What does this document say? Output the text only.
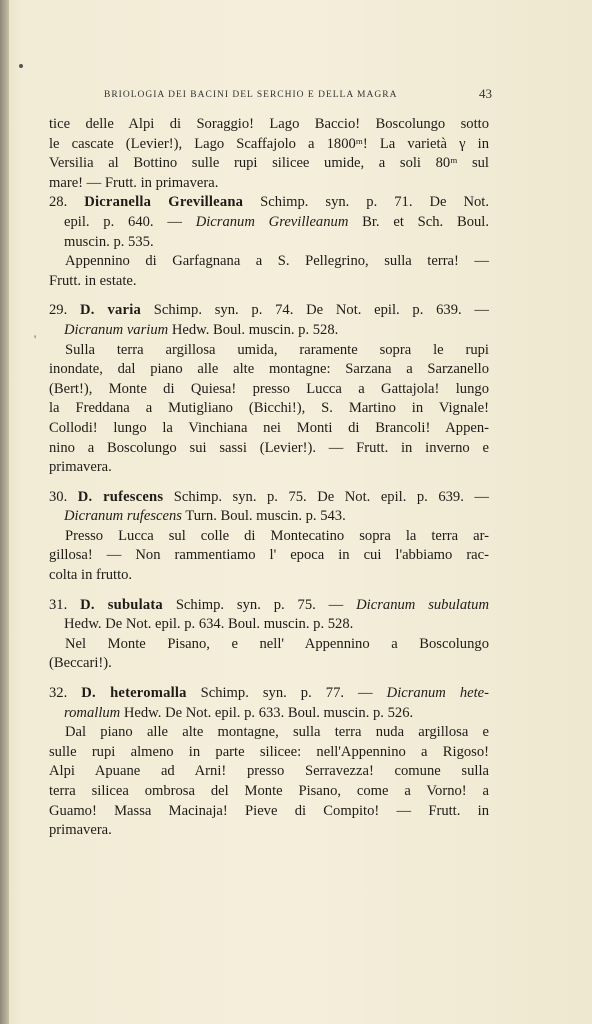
'
BRIOLOGIA DEI BACINI DEL SERCHIO E DELLA MAGRA	43
tice delle Alpi di Soraggio! Lago Baccio! Boscolungo sotto
le cascate (Levier!), Lago Scaffajolo a 1800ᵐ! La varietà γ in
Versilia al Bottino sulle rupi silicee umide, a soli 80ᵐ sul
mare! — Frutt. in primavera.
28. Dicranella Grevilleana Schimp. syn. p. 71. De Not.
epil. p. 640. — Dicranum Grevilleanum Br. et Sch. Boul.
muscin. p. 535.
Appennino di Garfagnana a S. Pellegrino, sulla terra! —
Frutt. in estate.
29. D. varia Schimp. syn. p. 74. De Not. epil. p. 639. —
Dicranum varium Hedw. Boul. muscin. p. 528.
Sulla terra argillosa umida, raramente sopra le rupi
inondate, dal piano alle alte montagne: Sarzana a Sarzanello
(Bert!), Monte di Quiesa! presso Lucca a Gattajola! lungo
la Freddana a Mutigliano (Bicchi!), S. Martino in Vignale!
Collodi! lungo la Vinchiana nei Monti di Brancoli! Appen-
nino a Boscolungo sui sassi (Levier!). — Frutt. in inverno e
primavera.
30. D. rufescens Schimp. syn. p. 75. De Not. epil. p. 639. —
Dicranum rufescens Turn. Boul. muscin. p. 543.
Presso Lucca sul colle di Montecatino sopra la terra ar-
gillosa! — Non rammentiamo l' epoca in cui l'abbiamo rac-
colta in frutto.
31. D. subulata Schimp. syn. p. 75. — Dicranum subulatum
Hedw. De Not. epil. p. 634. Boul. muscin. p. 528.
Nel Monte Pisano, e nell' Appennino a Boscolungo
(Beccari!).
32. D. heteromalla Schimp. syn. p. 77. — Dicranum hete-
romallum Hedw. De Not. epil. p. 633. Boul. muscin. p. 526.
Dal piano alle alte montagne, sulla terra nuda argillosa e
sulle rupi almeno in parte silicee: nell'Appennino a Rigoso!
Alpi Apuane ad Arni! presso Serravezza! comune sulla
terra silicea ombrosa del Monte Pisano, come a Vorno! a
Guamo! Massa Macinaja! Pieve di Compito! — Frutt. in
primavera.
